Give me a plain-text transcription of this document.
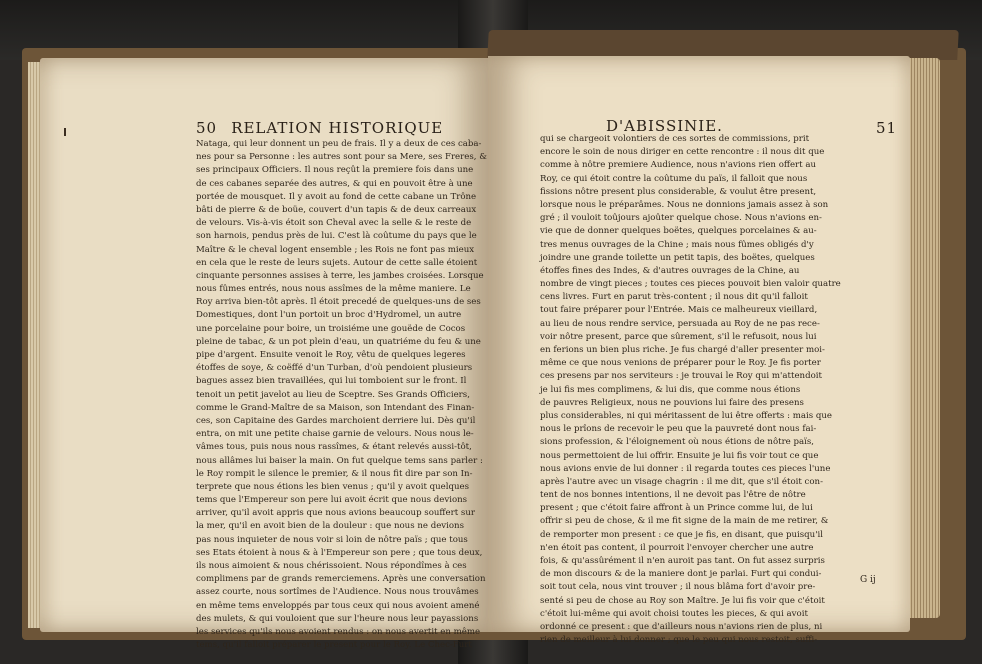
50 RELATION HISTORIQUE	D'ABISSINIE.	51
Nataga, qui leur donnent un peu de frais. Il y a deux de ces caba-
nes pour sa Personne : les autres sont pour sa Mere, ses Freres, &
ses principaux Officiers. Il nous reçût la premiere fois dans une
de ces cabanes separée des autres, & qui en pouvoit être à une
portée de mousquet. Il y avoit au fond de cette cabane un Trône
bâti de pierre & de boüe, couvert d'un tapis & de deux carreaux
de velours. Vis-à-vis étoit son Cheval avec la selle & le reste de
son harnois, pendus près de lui. C'est là coûtume du pays que le
Maître & le cheval logent ensemble ; les Rois ne font pas mieux
en cela que le reste de leurs sujets. Autour de cette salle étoient
cinquante personnes assises à terre, les jambes croisées. Lorsque
nous fûmes entrés, nous nous assîmes de la même maniere. Le
Roy arriva bien-tôt après. Il étoit precedé de quelques-uns de ses
Domestiques, dont l'un portoit un broc d'Hydromel, un autre
une porcelaine pour boire, un troisiéme une gouëde de Cocos
pleine de tabac, & un pot plein d'eau, un quatriéme du feu & une
pipe d'argent. Ensuite venoit le Roy, vêtu de quelques legeres
étoffes de soye, & coëffé d'un Turban, d'où pendoient plusieurs
bagues assez bien travaillées, qui lui tomboient sur le front. Il
tenoit un petit javelot au lieu de Sceptre. Ses Grands Officiers,
comme le Grand-Maître de sa Maison, son Intendant des Finan-
ces, son Capitaine des Gardes marchoient derriere lui. Dès qu'il
entra, on mit une petite chaise garnie de velours. Nous nous le-
vâmes tous, puis nous nous rassîmes, & étant relevés aussi-tôt,
nous allâmes lui baiser la main. On fut quelque tems sans parler :
le Roy rompit le silence le premier, & il nous fit dire par son In-
terprete que nous étions les bien venus ; qu'il y avoit quelques
tems que l'Empereur son pere lui avoit écrit que nous devions
arriver, qu'il avoit appris que nous avions beaucoup souffert sur
la mer, qu'il en avoit bien de la douleur : que nous ne devions
pas nous inquieter de nous voir si loin de nôtre païs ; que tous
ses Etats étoient à nous & à l'Empereur son pere ; que tous deux,
ils nous aimoient & nous chérissoient. Nous répondîmes à ces
complimens par de grands remerciemens. Après une conversation
assez courte, nous sortîmes de l'Audience. Nous nous trouvâmes
en même tems enveloppés par tous ceux qui nous avoient amené
des mulets, & qui vouloient que sur l'heure nous leur payassions
les services qu'ils nous avoient rendus : on nous avertit en même
tems, qu'il falloit préparer le present pour le Roy. Le Chec-Furt
qui se chargeoit volontiers de ces sortes de commissions, prit
encore le soin de nous diriger en cette rencontre : il nous dit que
comme à nôtre premiere Audience, nous n'avions rien offert au
Roy, ce qui étoit contre la coûtume du païs, il falloit que nous
fissions nôtre present plus considerable, & voulut être present,
lorsque nous le préparâmes. Nous ne donnions jamais assez à son
gré ; il vouloit toûjours ajoûter quelque chose. Nous n'avions en-
vie que de donner quelques boëtes, quelques porcelaines & au-
tres menus ouvrages de la Chine ; mais nous fûmes obligés d'y
joindre une grande toilette un petit tapis, des boëtes, quelques
étoffes fines des Indes, & d'autres ouvrages de la Chine, au
nombre de vingt pieces ; toutes ces pieces pouvoit bien valoir quatre
cens livres. Furt en parut très-content ; il nous dit qu'il falloit
tout faire préparer pour l'Entrée. Mais ce malheureux vieillard,
au lieu de nous rendre service, persuada au Roy de ne pas rece-
voir nôtre present, parce que sûrement, s'il le refusoit, nous lui
en ferions un bien plus riche. Je fus chargé d'aller presenter moi-
même ce que nous venions de préparer pour le Roy. Je fis porter
ces presens par nos serviteurs : je trouvai le Roy qui m'attendoit
je lui fis mes complimens, & lui dis, que comme nous étions
de pauvres Religieux, nous ne pouvions lui faire des presens
plus considerables, ni qui méritassent de lui être offerts : mais que
nous le prîons de recevoir le peu que la pauvreté dont nous fai-
sions profession, & l'éloignement où nous étions de nôtre païs,
nous permettoient de lui offrir. Ensuite je lui fis voir tout ce que
nous avions envie de lui donner : il regarda toutes ces pieces l'une
après l'autre avec un visage chagrin : il me dit, que s'il étoit con-
tent de nos bonnes intentions, il ne devoit pas l'être de nôtre
present ; que c'étoit faire affront à un Prince comme lui, de lui
offrir si peu de chose, & il me fit signe de la main de me retirer, &
de remporter mon present : ce que je fis, en disant, que puisqu'il
n'en étoit pas content, il pourroit l'envoyer chercher une autre
fois, & qu'assûrément il n'en auroit pas tant. On fut assez surpris
de mon discours & de la maniere dont je parlai. Furt qui condui-
soit tout cela, nous vint trouver ; il nous blâma fort d'avoir pre-
senté si peu de chose au Roy son Maître. Je lui fis voir que c'étoit
c'étoit lui-même qui avoit choisi toutes les pieces, & qui avoit
ordonné ce present : que d'ailleurs nous n'avions rien de plus, ni
rien de meilleur à lui donner ; que le peu qui nous restoit, suffi-
G ij
